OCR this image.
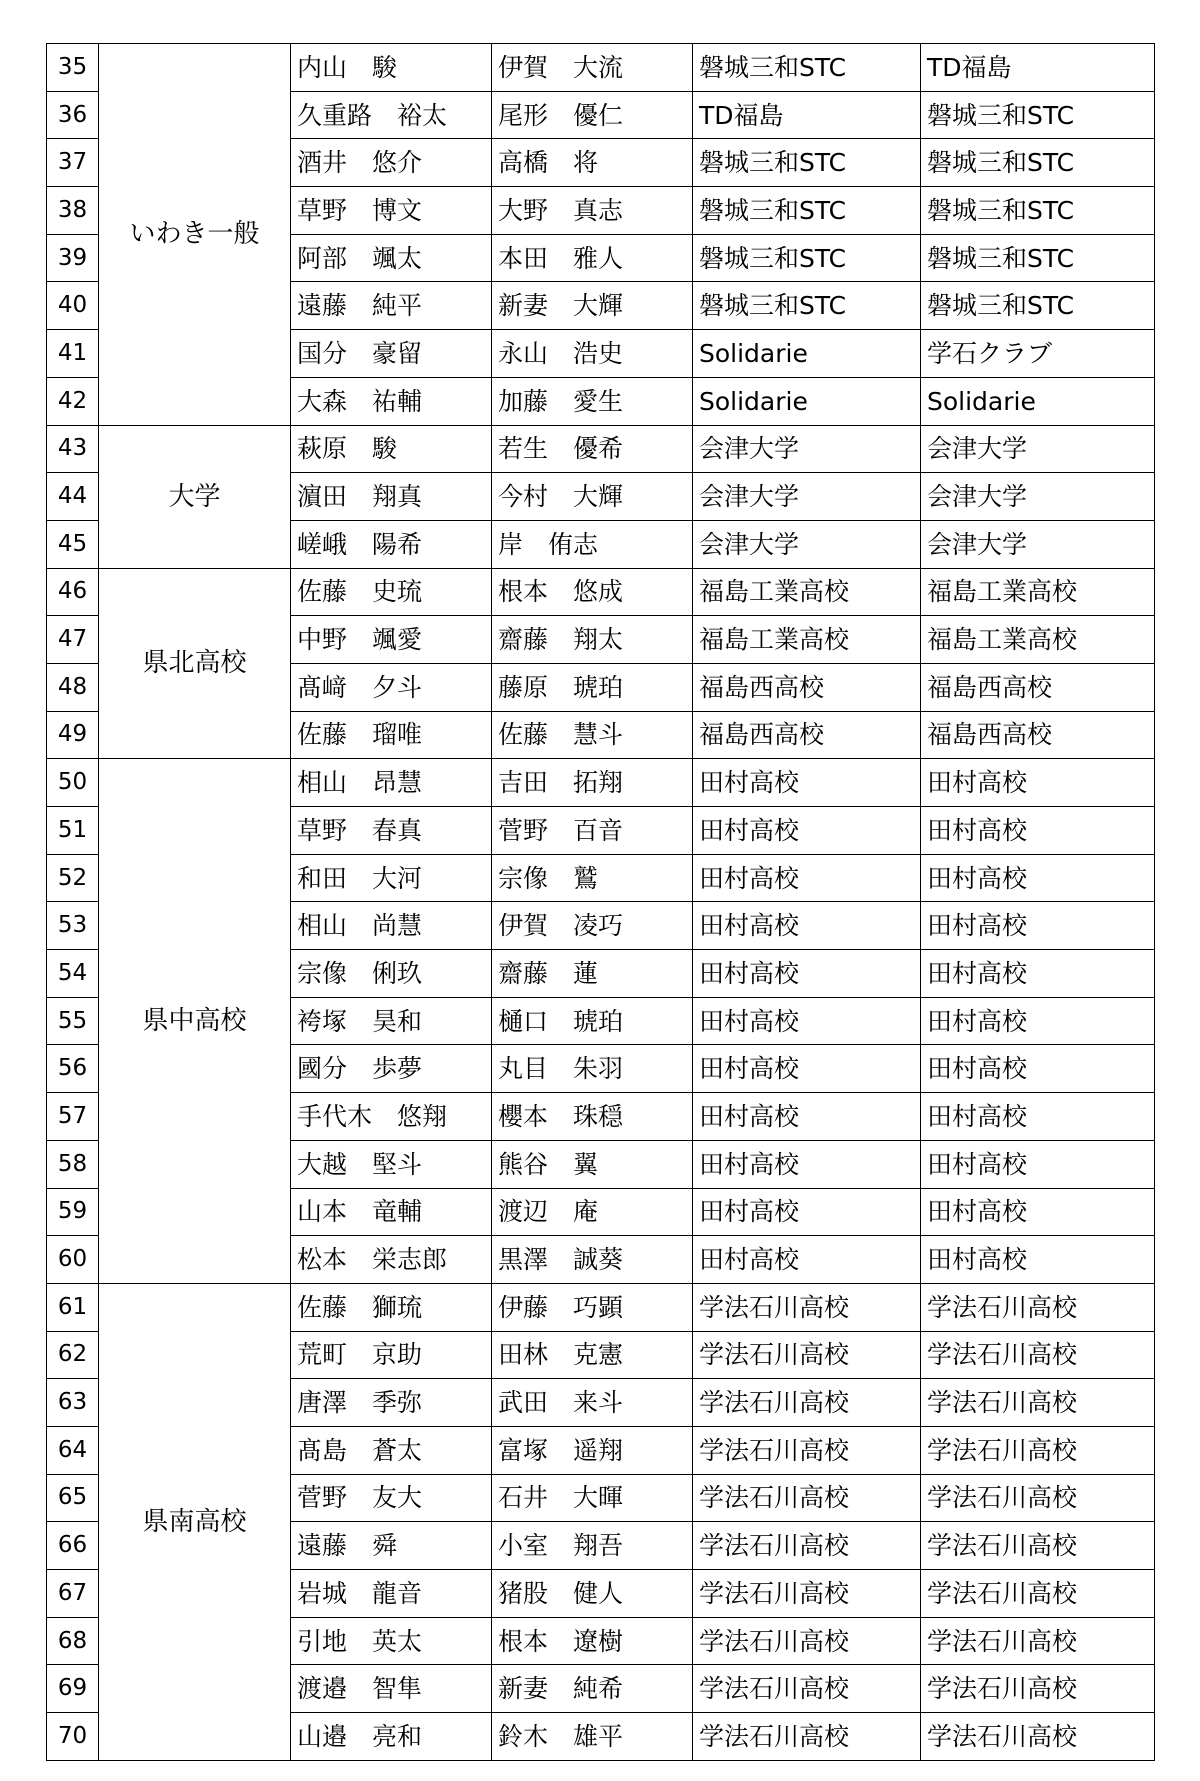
35	いわき一般	内山　駿	伊賀　大流	磐城三和STC	TD福島
36		久重路　裕太	尾形　優仁	TD福島	磐城三和STC
37		酒井　悠介	高橋　将	磐城三和STC	磐城三和STC
38		草野　博文	大野　真志	磐城三和STC	磐城三和STC
39		阿部　颯太	本田　雅人	磐城三和STC	磐城三和STC
40		遠藤　純平	新妻　大輝	磐城三和STC	磐城三和STC
41		国分　豪留	永山　浩史	Solidarie	学石クラブ
42		大森　祐輔	加藤　愛生	Solidarie	Solidarie
43	大学	萩原　駿	若生　優希	会津大学	会津大学
44		濵田　翔真	今村　大輝	会津大学	会津大学
45		嵯峨　陽希	岸　侑志	会津大学	会津大学
46	県北高校	佐藤　史琉	根本　悠成	福島工業高校	福島工業高校
47		中野　颯愛	齋藤　翔太	福島工業高校	福島工業高校
48		髙﨑　夕斗	藤原　琥珀	福島西高校	福島西高校
49		佐藤　瑠唯	佐藤　慧斗	福島西高校	福島西高校
50	県中高校	相山　昂慧	吉田　拓翔	田村高校	田村高校
51		草野　春真	菅野　百音	田村高校	田村高校
52		和田　大河	宗像　鷲	田村高校	田村高校
53		相山　尚慧	伊賀　凌巧	田村高校	田村高校
54		宗像　俐玖	齋藤　蓮	田村高校	田村高校
55		袴塚　昊和	樋口　琥珀	田村高校	田村高校
56		國分　歩夢	丸目　朱羽	田村高校	田村高校
57		手代木　悠翔	櫻本　珠穏	田村高校	田村高校
58		大越　堅斗	熊谷　翼	田村高校	田村高校
59		山本　竜輔	渡辺　庵	田村高校	田村高校
60		松本　栄志郎	黒澤　誠葵	田村高校	田村高校
61	県南高校	佐藤　獅琉	伊藤　巧顕	学法石川高校	学法石川高校
62		荒町　京助	田林　克憲	学法石川高校	学法石川高校
63		唐澤　季弥	武田　来斗	学法石川高校	学法石川高校
64		髙島　蒼太	富塚　遥翔	学法石川高校	学法石川高校
65		菅野　友大	石井　大暉	学法石川高校	学法石川高校
66		遠藤　舜	小室　翔吾	学法石川高校	学法石川高校
67		岩城　龍音	猪股　健人	学法石川高校	学法石川高校
68		引地　英太	根本　遼樹	学法石川高校	学法石川高校
69		渡邉　智隼	新妻　純希	学法石川高校	学法石川高校
70		山邉　亮和	鈴木　雄平	学法石川高校	学法石川高校
